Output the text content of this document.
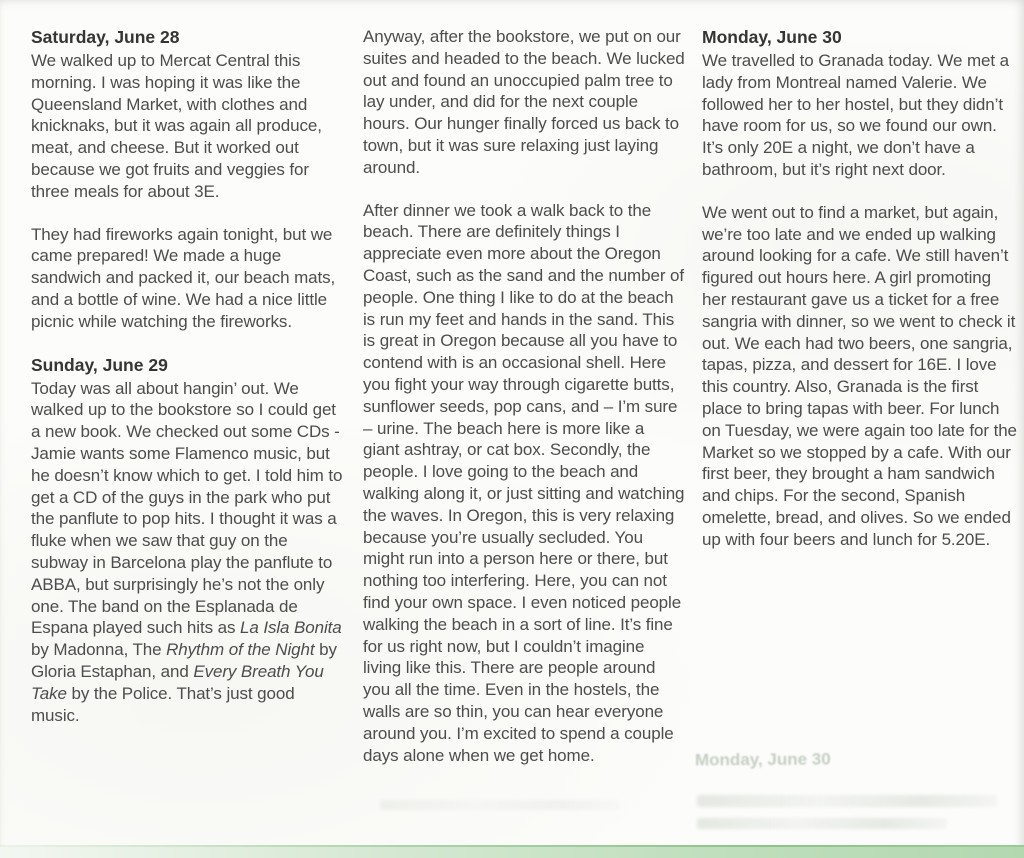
Saturday, June 28

We walked up to Mercat Central this morning. I was hoping it was like the Queensland Market, with clothes and knicknaks, but it was again all produce, meat, and cheese. But it worked out because we got fruits and veggies for three meals for about 3E.

They had fireworks again tonight, but we came prepared! We made a huge sandwich and packed it, our beach mats, and a bottle of wine. We had a nice little picnic while watching the fireworks.

Sunday, June 29

Today was all about hangin’ out. We walked up to the bookstore so I could get a new book. We checked out some CDs - Jamie wants some Flamenco music, but he doesn’t know which to get. I told him to get a CD of the guys in the park who put the panflute to pop hits. I thought it was a fluke when we saw that guy on the subway in Barcelona play the panflute to ABBA, but surprisingly he’s not the only one. The band on the Esplanada de Espana played such hits as La Isla Bonita by Madonna, The Rhythm of the Night by Gloria Estaphan, and Every Breath You Take by the Police. That’s just good music.

Anyway, after the bookstore, we put on our suites and headed to the beach. We lucked out and found an unoccupied palm tree to lay under, and did for the next couple hours. Our hunger finally forced us back to town, but it was sure relaxing just laying around.

After dinner we took a walk back to the beach. There are definitely things I appreciate even more about the Oregon Coast, such as the sand and the number of people. One thing I like to do at the beach is run my feet and hands in the sand. This is great in Oregon because all you have to contend with is an occasional shell. Here you fight your way through cigarette butts, sunflower seeds, pop cans, and – I’m sure – urine. The beach here is more like a giant ashtray, or cat box. Secondly, the people. I love going to the beach and walking along it, or just sitting and watching the waves. In Oregon, this is very relaxing because you’re usually secluded. You might run into a person here or there, but nothing too interfering. Here, you can not find your own space. I even noticed people walking the beach in a sort of line. It’s fine for us right now, but I couldn’t imagine living like this. There are people around you all the time. Even in the hostels, the walls are so thin, you can hear everyone around you. I’m excited to spend a couple days alone when we get home.

Monday, June 30

We travelled to Granada today. We met a lady from Montreal named Valerie. We followed her to her hostel, but they didn’t have room for us, so we found our own. It’s only 20E a night, we don’t have a bathroom, but it’s right next door.

We went out to find a market, but again, we’re too late and we ended up walking around looking for a cafe. We still haven’t figured out hours here. A girl promoting her restaurant gave us a ticket for a free sangria with dinner, so we went to check it out. We each had two beers, one sangria, tapas, pizza, and dessert for 16E. I love this country. Also, Granada is the first place to bring tapas with beer. For lunch on Tuesday, we were again too late for the Market so we stopped by a cafe. With our first beer, they brought a ham sandwich and chips. For the second, Spanish omelette, bread, and olives. So we ended up with four beers and lunch for 5.20E.

Monday, June 30
